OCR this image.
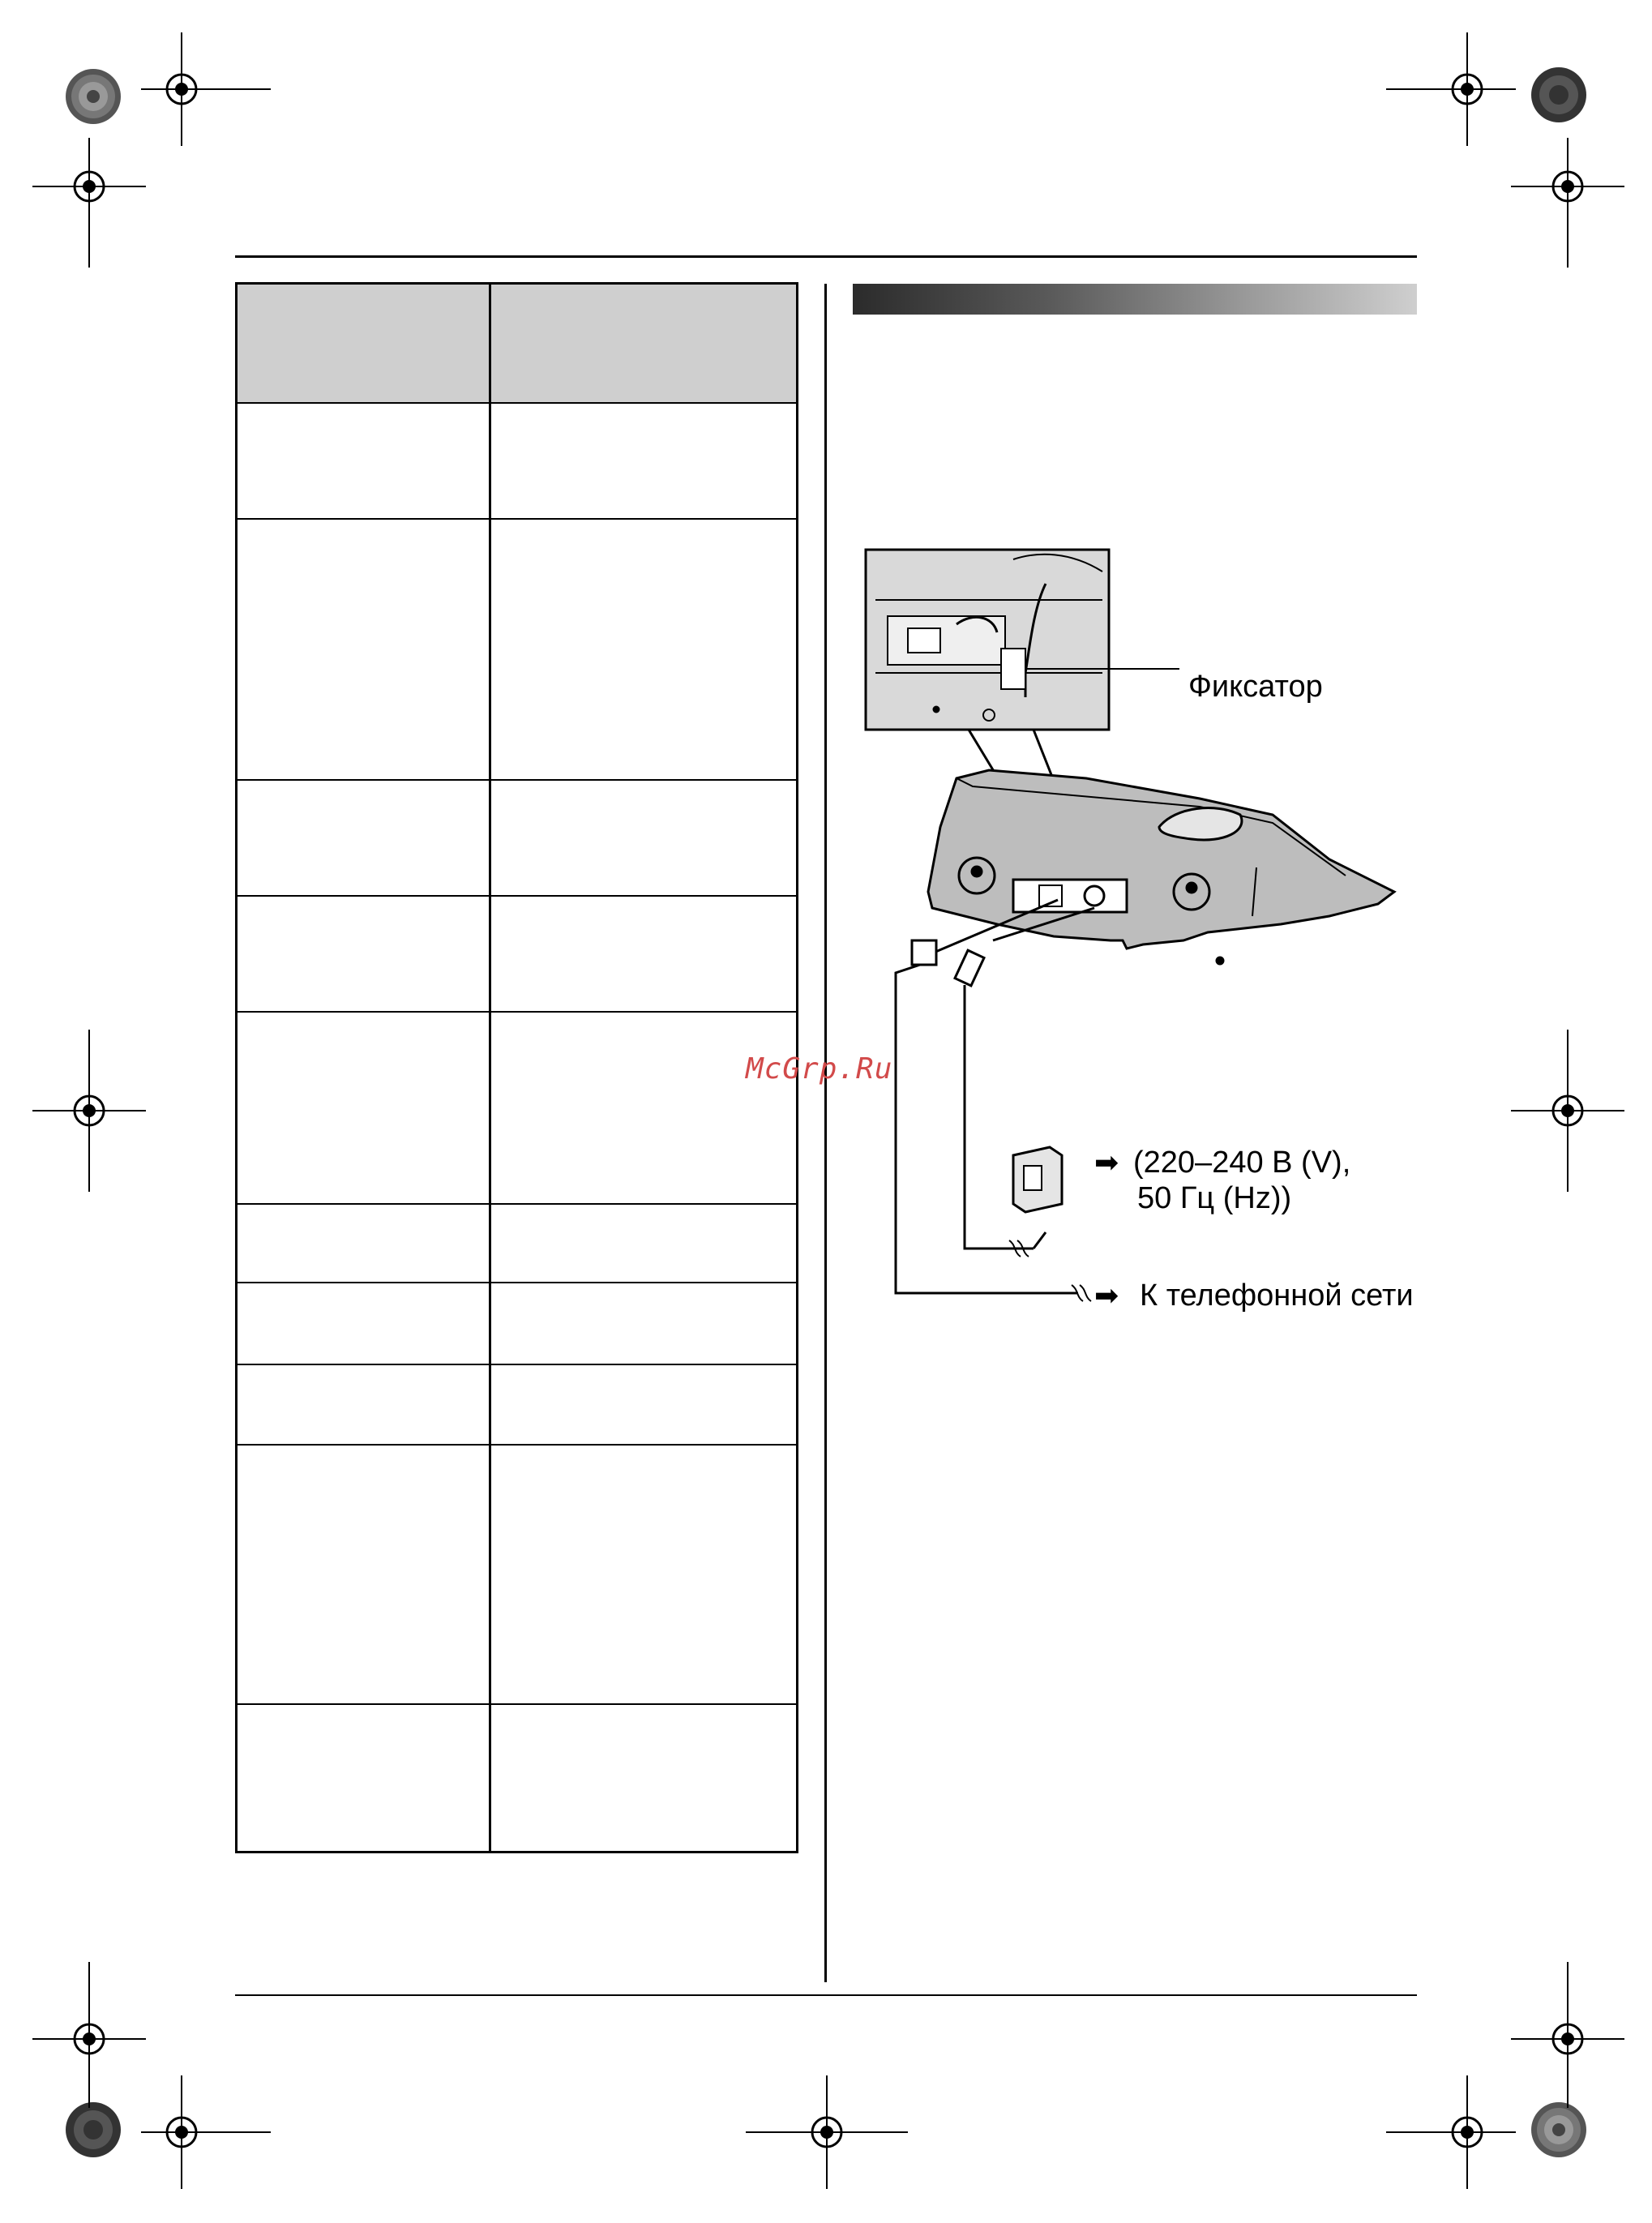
➡
➡
Фиксатор
(220–240 В (V),
50 Гц (Hz))
К телефонной сети
McGrp.Ru
